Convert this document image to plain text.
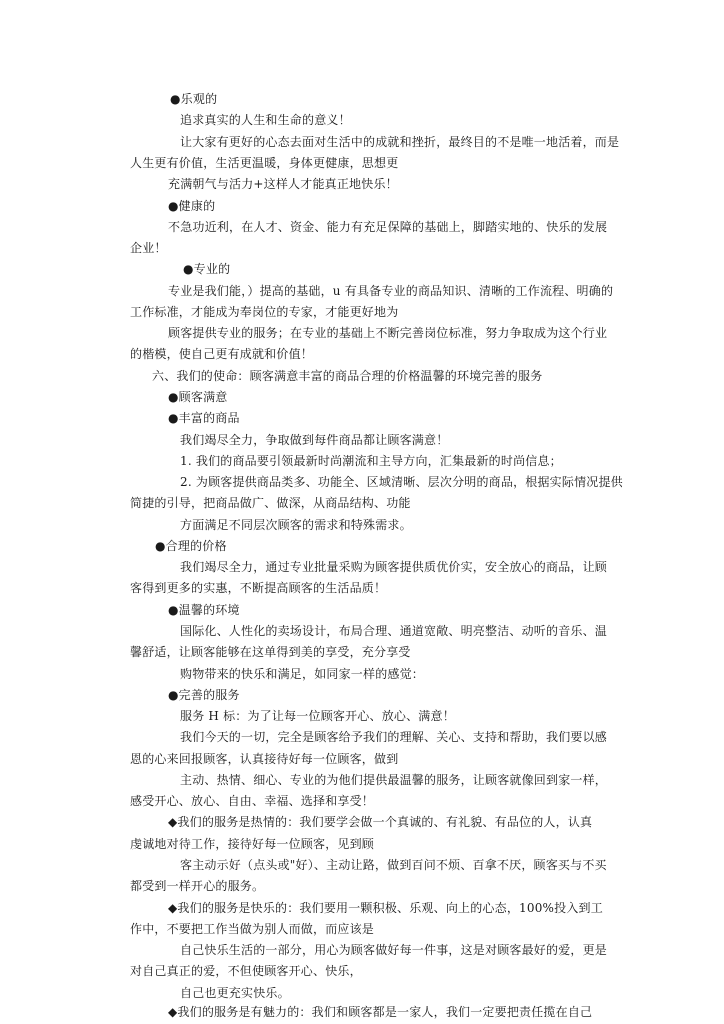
●乐观的
追求真实的人生和生命的意义！
让大家有更好的心态去面对生活中的成就和挫折，最终目的不是唯一地活着，而是
人生更有价值，生活更温暖，身体更健康，思想更
充满朝气与活力+这样人才能真正地快乐！
●健康的
不急功近利，在人才、资金、能力有充足保障的基础上，脚踏实地的、快乐的发展
企业！
●专业的
专业是我们能，）提高的基础，u 有具备专业的商品知识、清晰的工作流程、明确的
工作标准，才能成为奉岗位的专家，才能更好地为
顾客提供专业的服务；在专业的基础上不断完善岗位标准，努力争取成为这个行业
的楷模，使自己更有成就和价值！
六、我们的使命：顾客满意丰富的商品合理的价格温馨的环境完善的服务
●顾客满意
●丰富的商品
我们竭尽全力，争取做到每件商品都让顾客满意！
1. 我们的商品要引领最新时尚潮流和主导方向，汇集最新的时尚信息；
2. 为顾客提供商品类多、功能全、区域清晰、层次分明的商品，根据实际情况提供
简捷的引导，把商品做广、做深，从商品结构、功能
方面满足不同层次顾客的需求和特殊需求。
●合理的价格
我们竭尽全力，通过专业批量采购为顾客提供质优价实，安全放心的商品，让顾
客得到更多的实惠，不断提高顾客的生活品质！
●温馨的环境
国际化、人性化的卖场设计，布局合理、通道宽敞、明亮整洁、动听的音乐、温
馨舒适，让顾客能够在这单得到美的享受，充分享受
购物带来的快乐和满足，如同家一样的感觉：
●完善的服务
服务 H 标：为了让每一位顾客开心、放心、满意！
我们今天的一切，完全是顾客给予我们的理解、关心、支持和帮助，我们要以感
恩的心来回报顾客，认真接待好每一位顾客，做到
主动、热情、细心、专业的为他们提供最温馨的服务，让顾客就像回到家一样，
感受开心、放心、自由、幸福、选择和享受！
◆我们的服务是热情的：我们要学会做一个真诚的、有礼貌、有品位的人，认真
虔诚地对待工作，接待好每一位顾客，见到顾
客主动示好（点头或"好）、主动让路，做到百问不烦、百拿不厌，顾客买与不买
都受到一样开心的服务。
◆我们的服务是快乐的：我们要用一颗积极、乐观、向上的心态，100%投入到工
作中，不要把工作当做为别人而做，而应该是
自己快乐生活的一部分，用心为顾客做好每一件事，这是对顾客最好的爱，更是
对自己真正的爱，不但使顾客开心、快乐，
自己也更充实快乐。
◆我们的服务是有魅力的：我们和顾客都是一家人，我们一定要把责任揽在自己
